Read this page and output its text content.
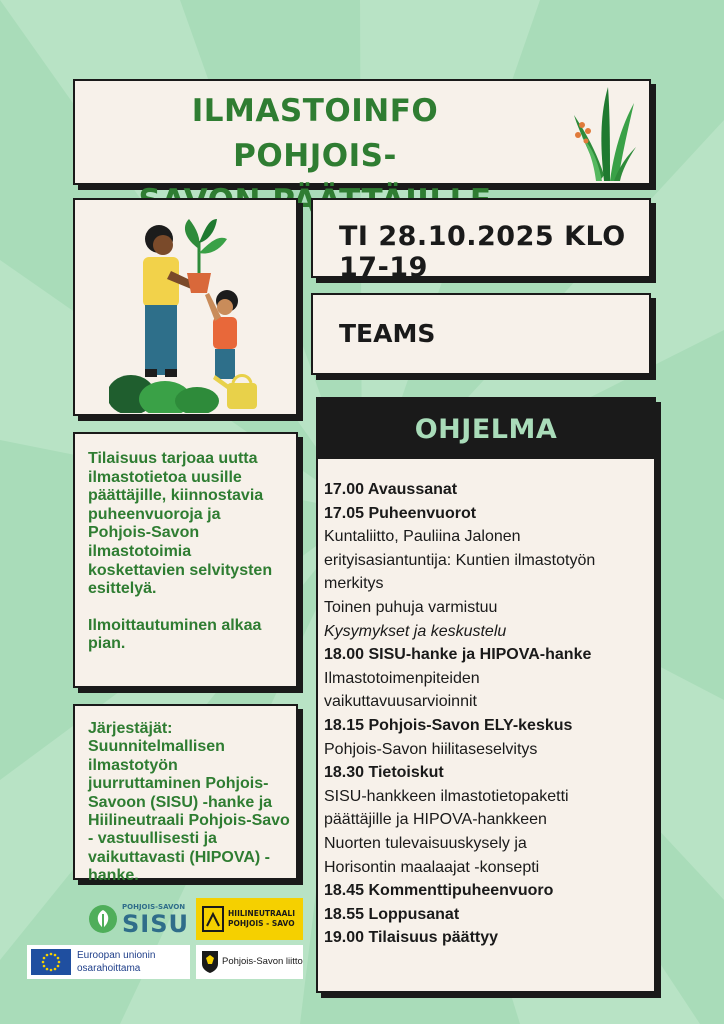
ILMASTOINFO POHJOIS-
TI 28.10.2025 KLO 17-19
TEAMS

Tilaisuus tarjoaa uutta ilmastotietoa uusille päättäjille, kiinnostavia puheenvuoroja ja Pohjois-Savon ilmastotoimia koskettavien selvitysten esittelyä.

Ilmoittautuminen alkaa pian.

Järjestäjät: Suunnitelmallisen ilmastotyön juurruttaminen Pohjois-Savoon (SISU) -hanke ja Hiilineutraali Pohjois-Savo - vastuullisesti ja vaikuttavasti (HIPOVA) -hanke.
OHJELMA
17.00 Avaussanat
17.05 Puheenvuorot
Kuntaliitto, Pauliina Jalonen
erityisasiantuntija: Kuntien ilmastotyön
merkitys
Toinen puhuja varmistuu
Kysymykset ja keskustelu
18.00 SISU-hanke ja HIPOVA-hanke
Ilmastotoimenpiteiden
vaikuttavuusarvioinnit
18.15 Pohjois-Savon ELY-keskus
Pohjois-Savon hiilitaseselvitys
18.30 Tietoiskut
SISU-hankkeen ilmastotietopaketti
päättäjille ja HIPOVA-hankkeen
Nuorten tulevaisuuskysely ja
Horisontin maalaajat -konsepti
18.45 Kommenttipuheenvuoro
18.55 Loppusanat
19.00 Tilaisuus päättyy
POHJOIS-SAVON
SISU	HIILINEUTRAALI
POHJOIS - SAVO
Euroopan unionin
osarahoittama
Pohjois-Savon liitto
